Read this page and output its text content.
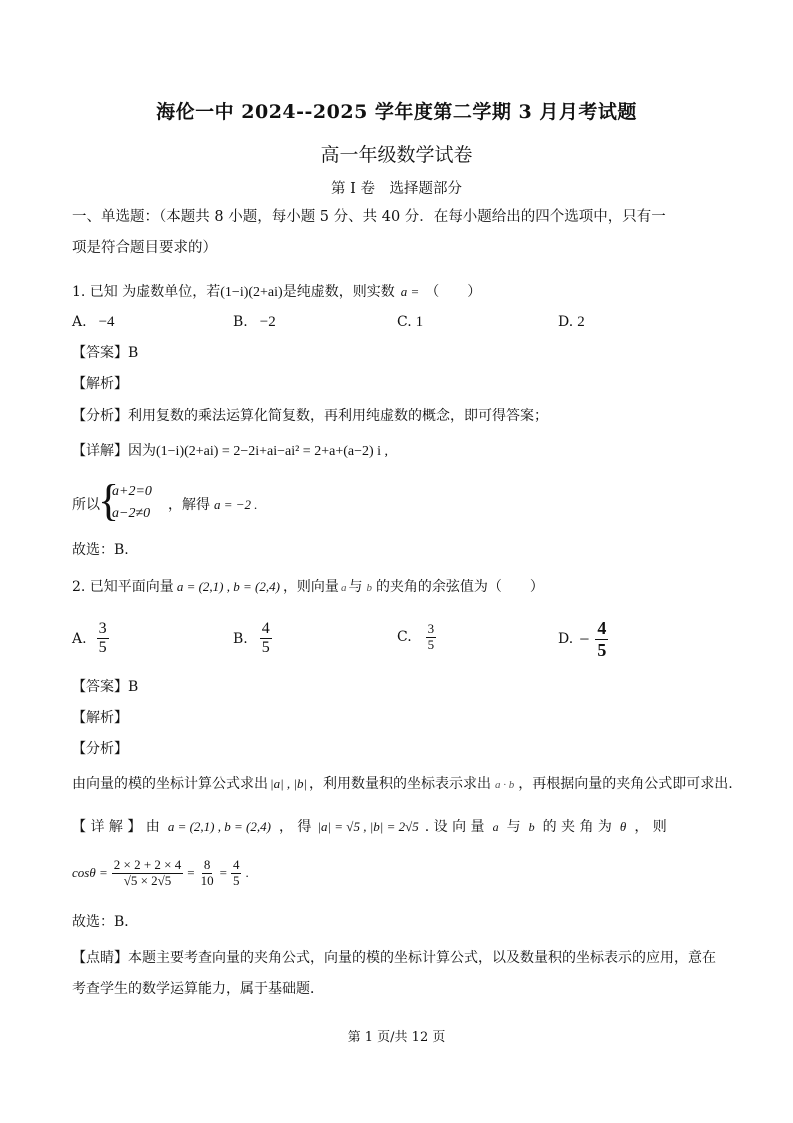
海伦一中 2024--2025 学年度第二学期 3 月月考试题
高一年级数学试卷
第 I 卷　选择题部分
一、单选题：（本题共 8 小题，每小题 5 分、共 40 分．在每小题给出的四个选项中，只有一
项是符合题目要求的）
1. 已知 为虚数单位，若(1−i)(2+ai)是纯虚数，则实数 a = （　　）
A. −4	B. −2	C. 1	D. 2
【答案】B
【解析】
【分析】利用复数的乘法运算化简复数，再利用纯虚数的概念，即可得答案；
【详解】因为(1−i)(2+ai) = 2−2i+ai−ai² = 2+a+(a−2) i ,
所以
{
a+2=0
a−2≠0
，解得 a = −2 .
故选：B.
2. 已知平面向量 a = (2,1) , b = (2,4) ，则向量 a 与 b 的夹角的余弦值为（　　）
A. $\frac{3}{5}$	B. $\frac{4}{5}$	C. $\frac{3}{5}$	D. − $\frac{4}{5}$
【答案】B
【解析】
【分析】
由向量的模的坐标计算公式求出 |a| , |b| ，利用数量积的坐标表示求出 a · b ，再根据向量的夹角公式即可求出.
【 详 解 】 由 a = (2,1) , b = (2,4) ， 得 |a| = √5 , |b| = 2√5 . 设 向 量 a 与 b 的 夹 角 为 θ ， 则
$\cos\theta = \frac{2 \times 2 + 2 \times 4}{√5 \times 2√5} = \frac{8}{10} = \frac{4}{5}$ .
故选：B．
【点睛】本题主要考查向量的夹角公式，向量的模的坐标计算公式，以及数量积的坐标表示的应用，意在
考查学生的数学运算能力，属于基础题．
第 1 页/共 12 页
